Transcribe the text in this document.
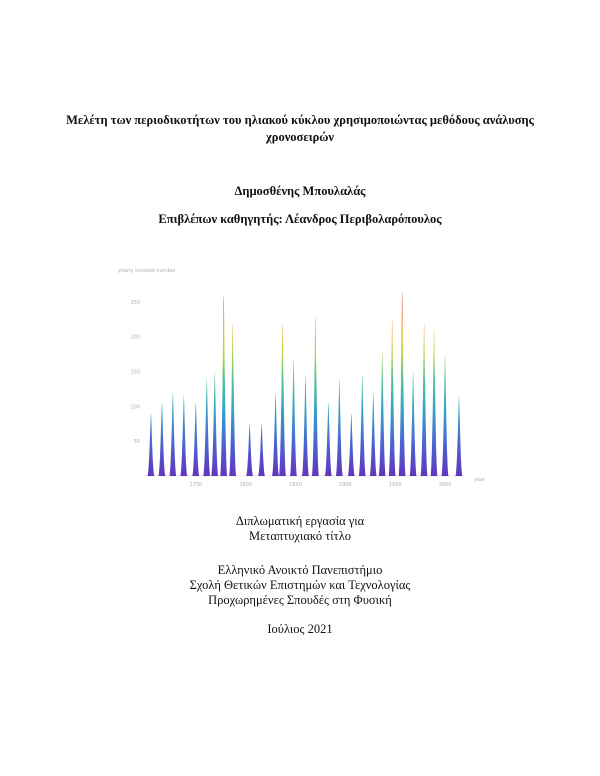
Μελέτη των περιοδικοτήτων του ηλιακού κύκλου χρησιμοποιώντας μεθόδους ανάλυσης
χρονοσειρών
Δημοσθένης Μπουλαλάς
Επιβλέπων καθηγητής: Λέανδρος Περιβολαρόπουλος
yearly sunspot number
year
50
100
150
200
250
1750	1800	1850	1900	1950	2000
Διπλωματική εργασία για
Μεταπτυχιακό τίτλο
Ελληνικό Ανοικτό Πανεπιστήμιο
Σχολή Θετικών Επιστημών και Τεχνολογίας
Προχωρημένες Σπουδές στη Φυσική
Ιούλιος 2021
